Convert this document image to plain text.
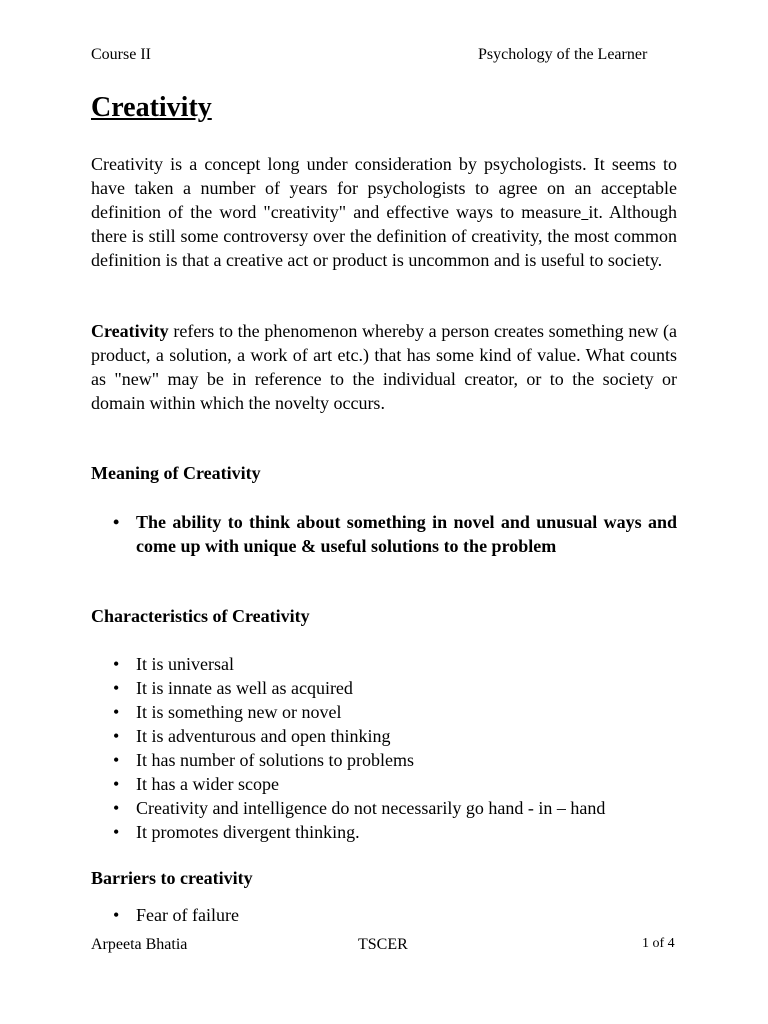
Course II	Psychology of the Learner
Creativity

Creativity is a concept long under consideration by psychologists. It seems to have taken a number of years for psychologists to agree on an acceptable definition of the word "creativity" and effective ways to measure it. Although there is still some controversy over the definition of creativity, the most common definition is that a creative act or product is uncommon and is useful to society.

Creativity refers to the phenomenon whereby a person creates something new (a product, a solution, a work of art etc.) that has some kind of value. What counts as "new" may be in reference to the individual creator, or to the society or domain within which the novelty occurs.

Meaning of Creativity
• The ability to think about something in novel and unusual ways and come up with unique & useful solutions to the problem
Characteristics of Creativity
• It is universal
• It is innate as well as acquired
• It is something new or novel
• It is adventurous and open thinking
• It has number of solutions to problems
• It has a wider scope
• Creativity and intelligence do not necessarily go hand - in – hand
• It promotes divergent thinking.
Barriers to creativity
• Fear of failure
Arpeeta Bhatia	TSCER	1 of 4
